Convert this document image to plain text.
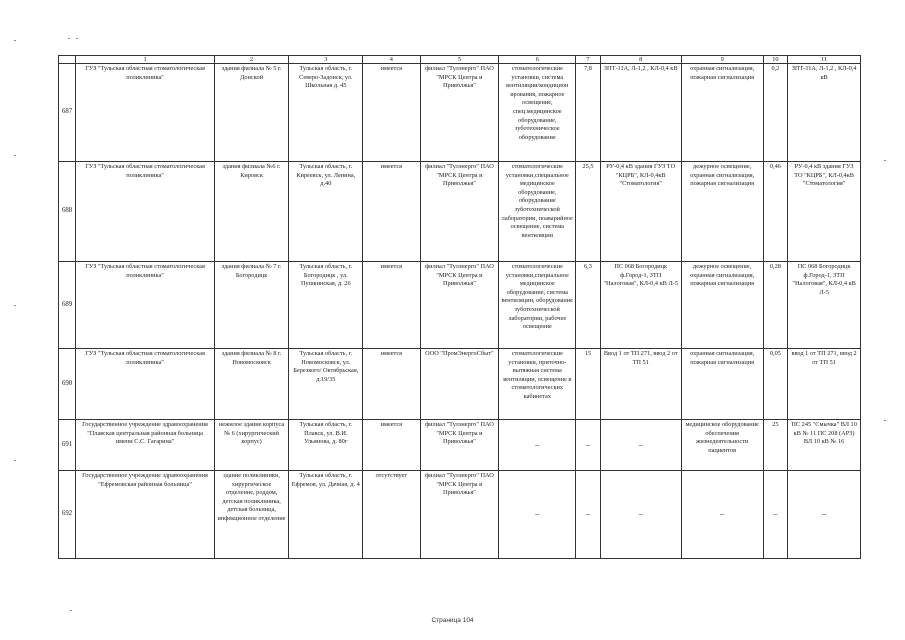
	1	2	3	4	5	6	7	8	9	10	11
687	ГУЗ "Тульская областная стоматологическая поликлиника"	здания филиала № 5 г. Донской	Тульская область, г. Северо-Задонск, ул. Школьная д. 45	имеется	филиал "Тулэнерго" ПАО "МРСК Центра и Приволжья"	стоматологические установки, система вентиляции/кондицион ирования, пожарное освещение, спец.медицинское оборудование, зуботехническое оборудование	7,8	ЗПТ-11А, Л-1,2 , КЛ-0,4 кВ	охранная сигнализация, пожарная сигнализация	0,2	ЗПТ-11А, Л-1,2 , КЛ-0,4 кВ
688	ГУЗ "Тульская областная стоматологическая поликлиника"	здания филиала №6 г. Кировск	Тульская область, г. Киреевск, ул. Ленина, д.40	имеется	филиал "Тулэнерго" ПАО "МРСК Центра и Приволжья"	стоматологические установки,специальное медицинское оборудование, оборудование зуботехнической лаборатории, поаварийное освещение, система вентиляции	25,5	РУ-0,4 кВ здания ГУЗ ТО "КЦРБ", КЛ-0,4кВ "Стоматология"	дежурное освещение, охранная сигнализация, пожарная сигнализация	0,46	РУ-0,4 кВ здания ГУЗ ТО "КЦРБ", КЛ-0,4кВ "Стоматология"
689	ГУЗ "Тульская областная стоматологическая поликлиника"	здания филиала № 7 г. Богородицк	Тульская область, г. Богородицк , ул. Пушкинская, д. 26	имеется	филиал "Тулэнерго" ПАО "МРСК Центра и Приволжья"	стоматологические установки,специальное медицинское оборудование, система вентиляции, оборудование зуботехнической лаборатории, рабочее освещение	6,3	ПС 068 Богородицк ф.Город-1, ЗТП "Налоговая", КЛ-0,4 кВ Л-5	дежурное освещение, охранная сигнализация, пожарная сигнализация	0,28	ПС 068 Богородицк ф.Город-1, ЗТП "Налоговая", КЛ-0,4 кВ Л-5
690	ГУЗ "Тульская областная стоматологическая поликлиника"	здания филиала № 8 г. Новомосковск	Тульская область, г. Новомосковск, ул. Березкого/ Октябрьская, д.19/35	имеется	ООО "ПромЭнергоСбыт"	стоматологические установки, приточно-вытяжная система вентиляции, освещение в стоматологических кабинетах	15	Ввод 1 от ТП 271, ввод 2 от ТП 51	охранная сигнализация, пожарная сигнализация	0,05	ввод 1 от ТП 271, ввод 2 от ТП 51
691	Государственное учреждение здравоохранения "Плавская центральная районная больница имени С.С. Гагарина"	нежилое здание корпуса № 6 (хирургический корпус)	Тульская область, г. Плавск, ул. В.И. Ульянова, д. 80г	имеется	филиал "Тулэнерго" ПАО "МРСК Центра и Приволжья"	–	–	–	медицинское оборудование обеспечения жизнедеятельности пациентов	25	ПС 245 "Смычка" ВЛ 10 кВ № 11 ПС 208 (АРЗ) ВЛ 10 кВ № 16
692	Государственное учреждение здравоохранения "Ефремовская районная больница"	здание поликлиники, хирургическое отделение, роддом, детская поликлиника, детская больница, инфекционное отделение	Тульская область, г. Ефремов, ул. Дачная, д. 4	отсутствует	филиал "Тулэнерго" ПАО "МРСК Центра и Приволжья"	–	–	–	–	–	–
Страница 104
